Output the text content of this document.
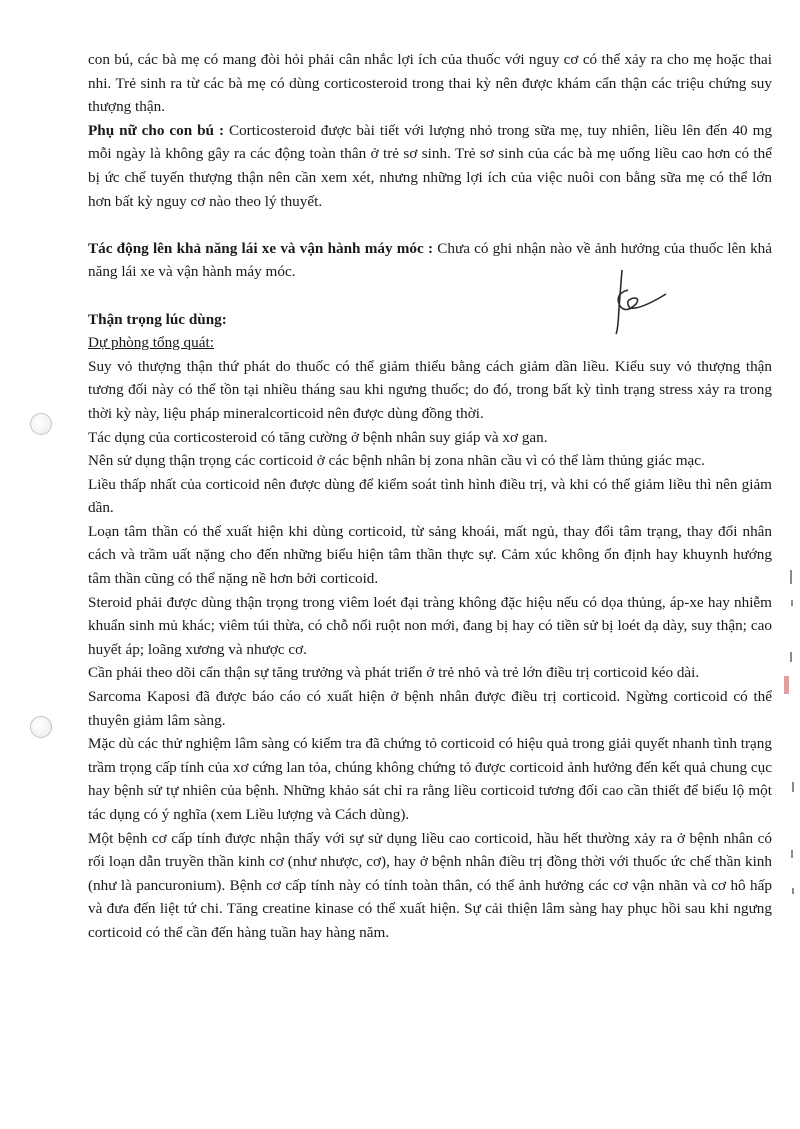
con bú, các bà mẹ có mang đòi hỏi phải cân nhắc lợi ích của thuốc với nguy cơ có thể xảy ra cho mẹ hoặc thai nhi. Trẻ sinh ra từ các bà mẹ có dùng corticosteroid trong thai kỳ nên được khám cẩn thận các triệu chứng suy thượng thận.

Phụ nữ cho con bú : Corticosteroid được bài tiết với lượng nhỏ trong sữa mẹ, tuy nhiên, liều lên đến 40 mg mỗi ngày là không gây ra các động toàn thân ở trẻ sơ sinh. Trẻ sơ sinh của các bà mẹ uống liều cao hơn có thể bị ức chế tuyến thượng thận nên cần xem xét, nhưng những lợi ích của việc nuôi con bằng sữa mẹ có thể lớn hơn bất kỳ nguy cơ nào theo lý thuyết.

Tác động lên khả năng lái xe và vận hành máy móc : Chưa có ghi nhận nào về ảnh hưởng của thuốc lên khả năng lái xe và vận hành máy móc.

Thận trọng lúc dùng:

Dự phòng tổng quát:

Suy vỏ thượng thận thứ phát do thuốc có thể giảm thiểu bằng cách giảm dần liều. Kiểu suy vỏ thượng thận tương đối này có thể tồn tại nhiều tháng sau khi ngưng thuốc; do đó, trong bất kỳ tình trạng stress xảy ra trong thời kỳ này, liệu pháp mineralcorticoid nên được dùng đồng thời.

Tác dụng của corticosteroid có tăng cường ở bệnh nhân suy giáp và xơ gan.

Nên sử dụng thận trọng các corticoid ở các bệnh nhân bị zona nhãn cầu vì có thể làm thủng giác mạc.

Liều thấp nhất của corticoid nên được dùng để kiểm soát tình hình điều trị, và khi có thể giảm liều thì nên giảm dần.

Loạn tâm thần có thể xuất hiện khi dùng corticoid, từ sảng khoái, mất ngủ, thay đổi tâm trạng, thay đổi nhân cách và trầm uất nặng cho đến những biểu hiện tâm thần thực sự. Cảm xúc không ổn định hay khuynh hướng tâm thần cũng có thể nặng nề hơn bởi corticoid.

Steroid phải được dùng thận trọng trong viêm loét đại tràng không đặc hiệu nếu có dọa thủng, áp-xe hay nhiễm khuẩn sinh mủ khác; viêm túi thừa, có chỗ nối ruột non mới, đang bị hay có tiền sử bị loét dạ dày, suy thận; cao huyết áp; loãng xương và nhược cơ.

Cần phải theo dõi cẩn thận sự tăng trưởng và phát triển ở trẻ nhỏ và trẻ lớn điều trị corticoid kéo dài.

Sarcoma Kaposi đã được báo cáo có xuất hiện ở bệnh nhân được điều trị corticoid. Ngừng corticoid có thể thuyên giảm lâm sàng.

Mặc dù các thử nghiệm lâm sàng có kiểm tra đã chứng tỏ corticoid có hiệu quả trong giải quyết nhanh tình trạng trầm trọng cấp tính của xơ cứng lan tỏa, chúng không chứng tỏ được corticoid ảnh hưởng đến kết quả chung cục hay bệnh sử tự nhiên của bệnh. Những khảo sát chỉ ra rằng liều corticoid tương đối cao cần thiết để biểu lộ một tác dụng có ý nghĩa (xem Liều lượng và Cách dùng).

Một bệnh cơ cấp tính được nhận thấy với sự sử dụng liều cao corticoid, hầu hết thường xảy ra ở bệnh nhân có rối loạn dẫn truyền thần kinh cơ (như nhược, cơ), hay ở bệnh nhân điều trị đồng thời với thuốc ức chế thần kinh (như là pancuronium). Bệnh cơ cấp tính này có tính toàn thân, có thể ảnh hưởng các cơ vận nhãn và cơ hô hấp và đưa đến liệt tứ chi. Tăng creatine kinase có thể xuất hiện. Sự cải thiện lâm sàng hay phục hồi sau khi ngưng corticoid có thể cần đến hàng tuần hay hàng năm.
